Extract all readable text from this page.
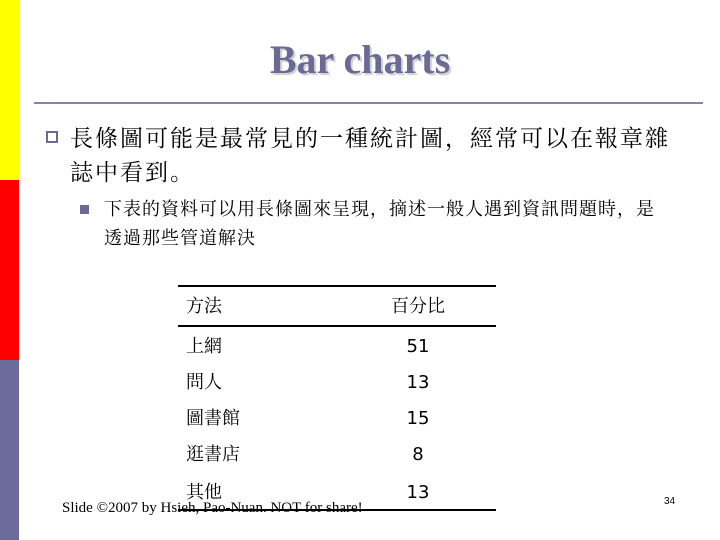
Bar charts
長條圖可能是最常見的一種統計圖，經常可以在報章雜誌中看到。
下表的資料可以用長條圖來呈現，摘述一般人遇到資訊問題時，是透過那些管道解決
方法	百分比
上網	51
問人	13
圖書館	15
逛書店	8
其他	13
Slide ©2007 by Hsieh, Pao-Nuan. NOT for share!	34
